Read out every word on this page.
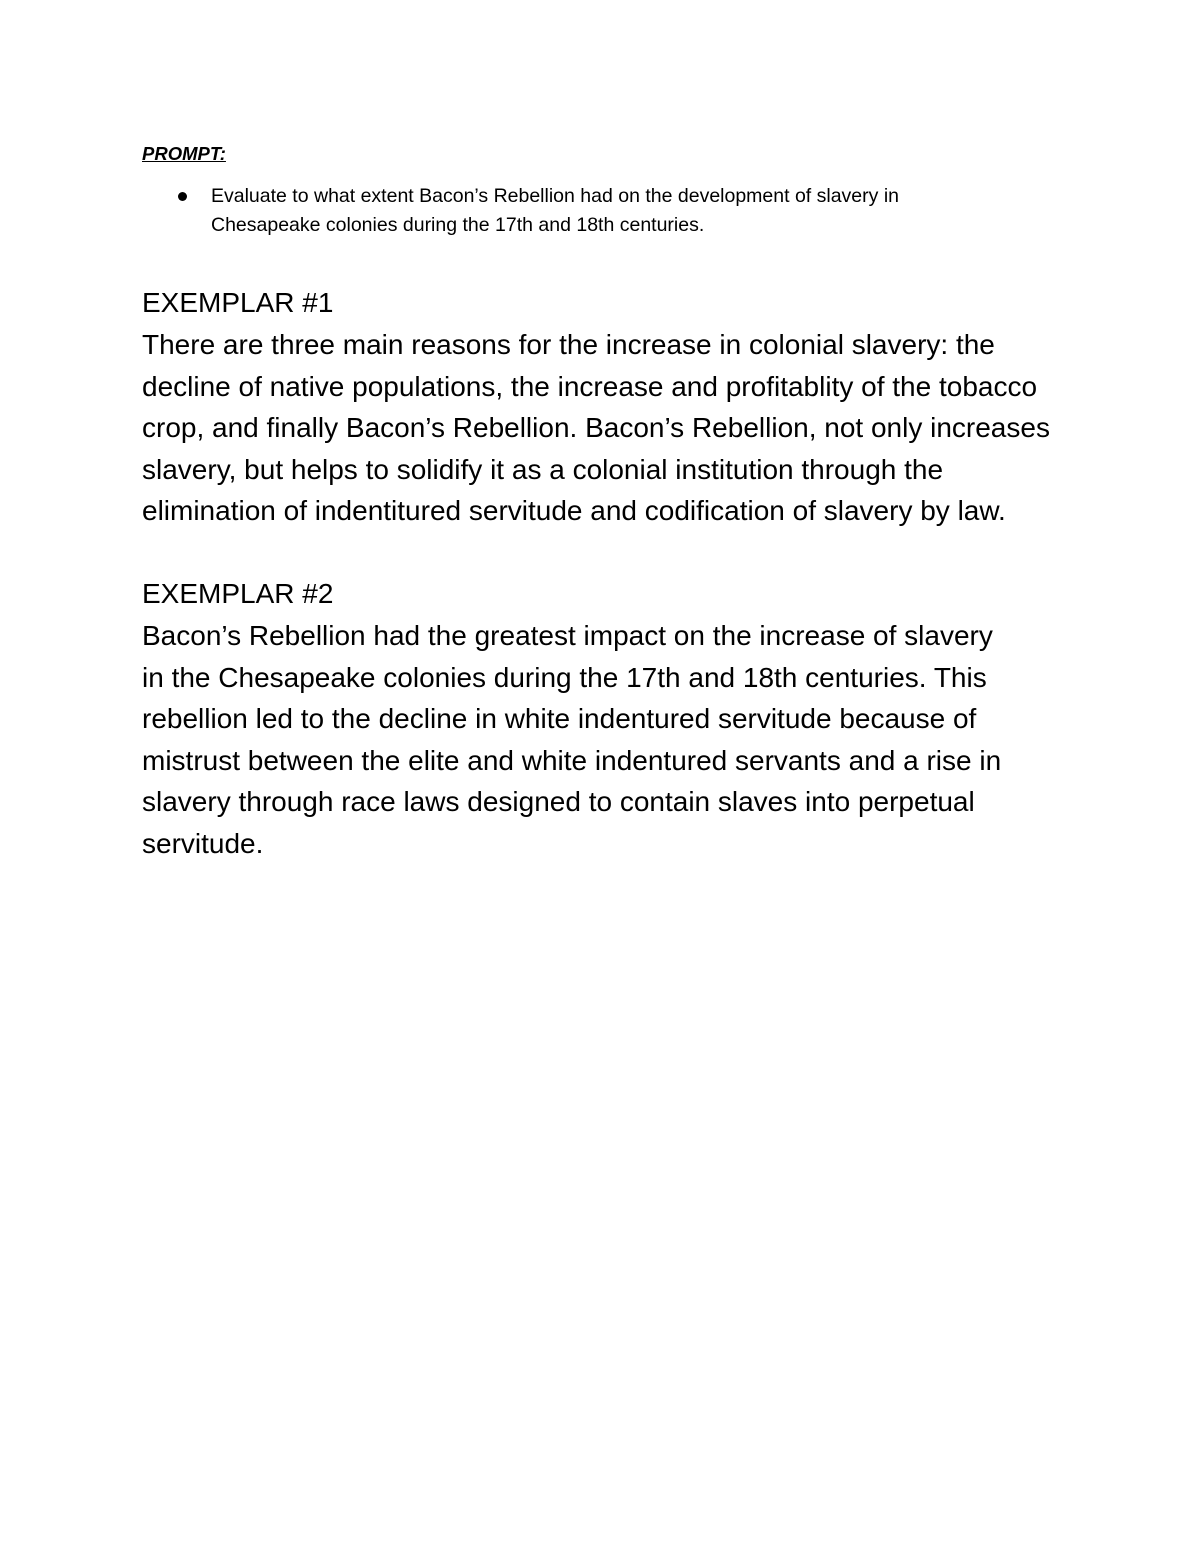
PROMPT:
Evaluate to what extent Bacon’s Rebellion had on the development of slavery in Chesapeake colonies during the 17th and 18th centuries.
EXEMPLAR #1

There are three main reasons for the increase in colonial slavery: the decline of native populations, the increase and profitablity of the tobacco crop, and finally Bacon’s Rebellion. Bacon’s Rebellion, not only increases slavery, but helps to solidify it as a colonial institution through the elimination of indentitured servitude and codification of slavery by law.

EXEMPLAR #2

Bacon’s Rebellion had the greatest impact on the increase of slavery in the Chesapeake colonies during the 17th and 18th centuries. This rebellion led to the decline in white indentured servitude because of mistrust between the elite and white indentured servants and a rise in slavery through race laws designed to contain slaves into perpetual servitude.
